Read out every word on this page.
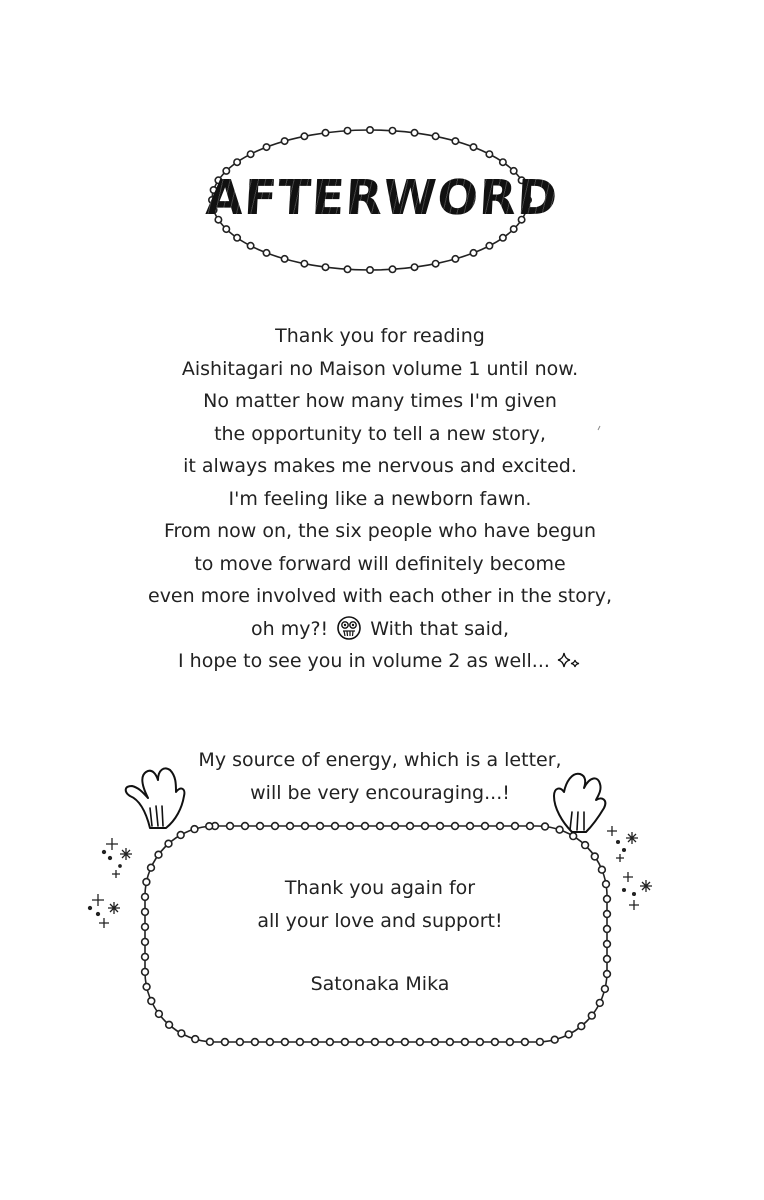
AFTERWORD
Thank you for reading
Aishitagari no Maison volume 1 until now.
No matter how many times I'm given
the opportunity to tell a new story,
it always makes me nervous and excited.
I'm feeling like a newborn fawn.
From now on, the six people who have begun
to move forward will definitely become
even more involved with each other in the story,
oh my?! With that said,
I hope to see you in volume 2 as well...
My source of energy, which is a letter,
will be very encouraging...!
Thank you again for
all your love and support!
Satonaka Mika
